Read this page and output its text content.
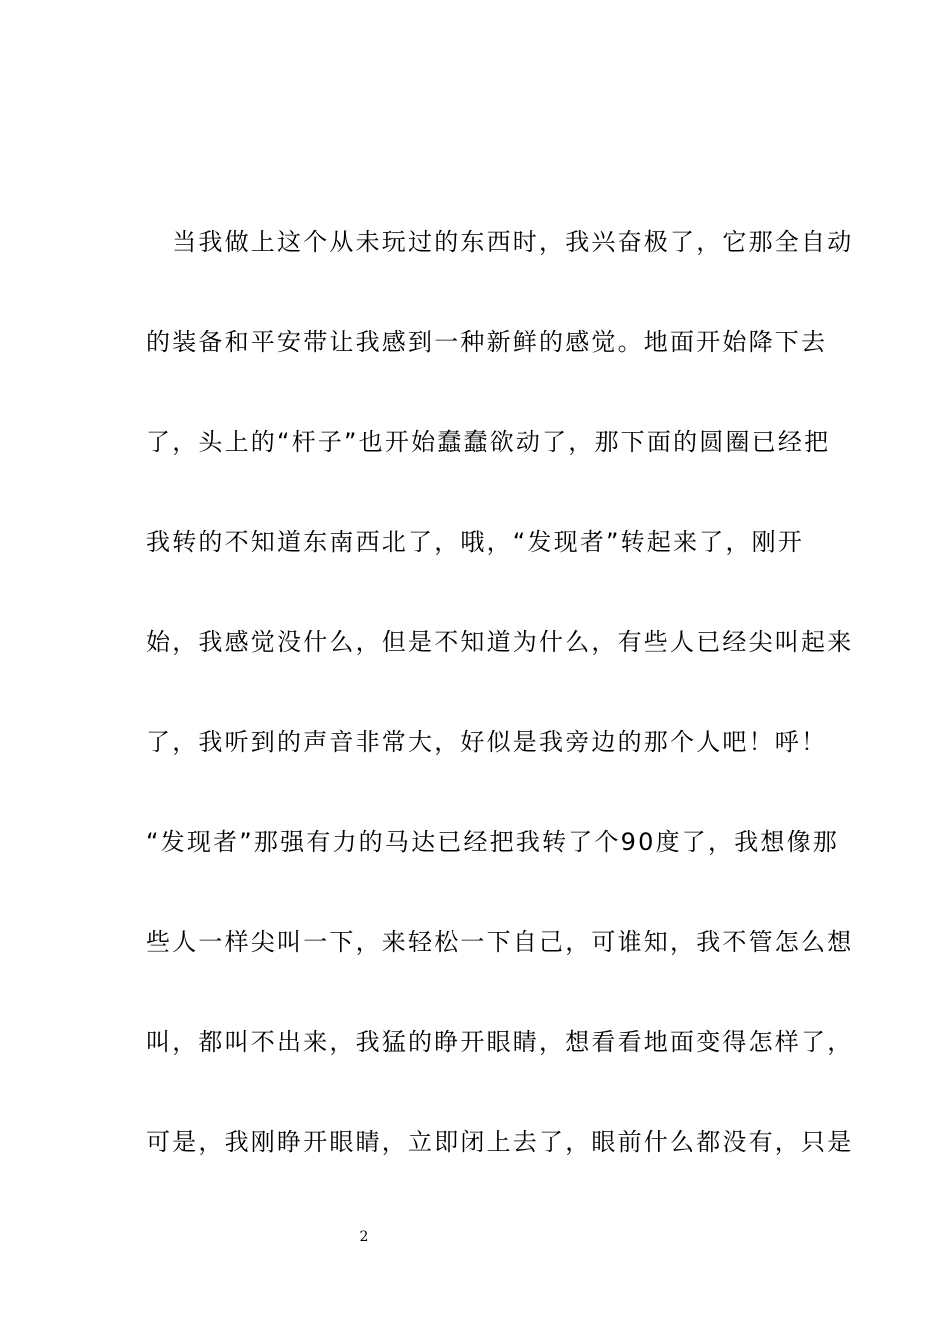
　当我做上这个从未玩过的东西时，我兴奋极了，它那全自动
的装备和平安带让我感到一种新鲜的感觉。地面开始降下去
了，头上的“杆子”也开始蠢蠢欲动了，那下面的圆圈已经把
我转的不知道东南西北了，哦，“发现者”转起来了，刚开
始，我感觉没什么，但是不知道为什么，有些人已经尖叫起来
了，我听到的声音非常大，好似是我旁边的那个人吧！呼！
“发现者”那强有力的马达已经把我转了个90度了，我想像那
些人一样尖叫一下，来轻松一下自己，可谁知，我不管怎么想
叫，都叫不出来，我猛的睁开眼睛，想看看地面变得怎样了，
可是，我刚睁开眼睛，立即闭上去了，眼前什么都没有，只是
2
